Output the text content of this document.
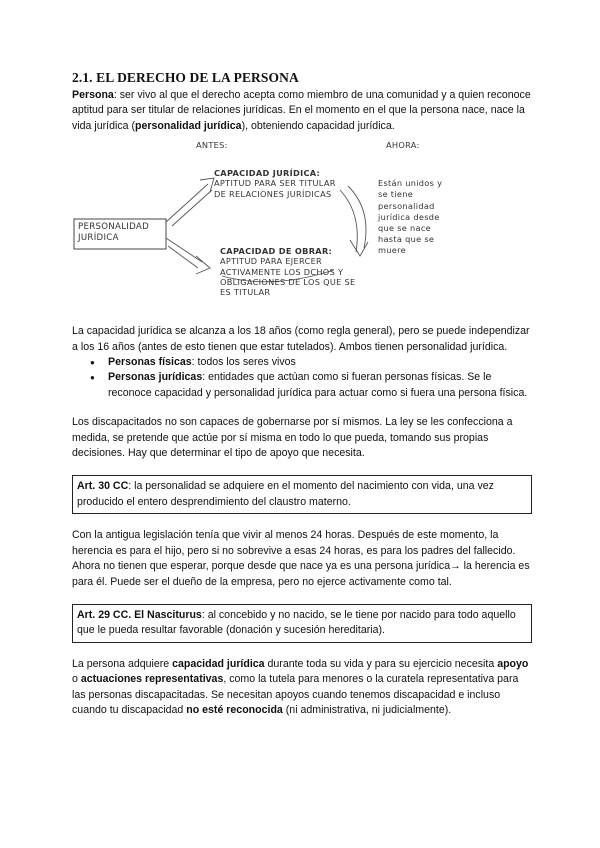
2.1. EL DERECHO DE LA PERSONA

Persona: ser vivo al que el derecho acepta como miembro de una comunidad y a quien reconoce aptitud para ser titular de relaciones jurídicas. En el momento en el que la persona nace, nace la vida jurídica (personalidad jurídica), obteniendo capacidad jurídica.

ANTES:	AHORA:
PERSONALIDAD
JURÍDICA
CAPACIDAD JURÍDICA:
APTITUD PARA SER TITULAR
DE RELACIONES JURÍDICAS
CAPACIDAD DE OBRAR:
APTITUD PARA EJERCER
ACTIVAMENTE LOS DCHOS Y
OBLIGACIONES DE LOS QUE SE
ES TITULAR
Están unidos y
se tiene
personalidad
jurídica desde
que se nace
hasta que se
muere

La capacidad jurídica se alcanza a los 18 años (como regla general), pero se puede independizar a los 16 años (antes de esto tienen que estar tutelados). Ambos tienen personalidad jurídica.

● Personas físicas: todos los seres vivos
● Personas jurídicas: entidades que actúan como si fueran personas físicas. Se le reconoce capacidad y personalidad jurídica para actuar como si fuera una persona física.

Los discapacitados no son capaces de gobernarse por sí mismos. La ley se les confecciona a medida, se pretende que actúe por sí misma en todo lo que pueda, tomando sus propias decisiones. Hay que determinar el tipo de apoyo que necesita.

Art. 30 CC: la personalidad se adquiere en el momento del nacimiento con vida, una vez producido el entero desprendimiento del claustro materno.

Con la antigua legislación tenía que vivir al menos 24 horas. Después de este momento, la herencia es para el hijo, pero si no sobrevive a esas 24 horas, es para los padres del fallecido. Ahora no tienen que esperar, porque desde que nace ya es una persona jurídica→ la herencia es para él. Puede ser el dueño de la empresa, pero no ejerce activamente como tal.

Art. 29 CC. El Nasciturus: al concebido y no nacido, se le tiene por nacido para todo aquello que le pueda resultar favorable (donación y sucesión hereditaria).

La persona adquiere capacidad jurídica durante toda su vida y para su ejercicio necesita apoyo o actuaciones representativas, como la tutela para menores o la curatela representativa para las personas discapacitadas. Se necesitan apoyos cuando tenemos discapacidad e incluso cuando tu discapacidad no esté reconocida (ni administrativa, ni judicialmente).
